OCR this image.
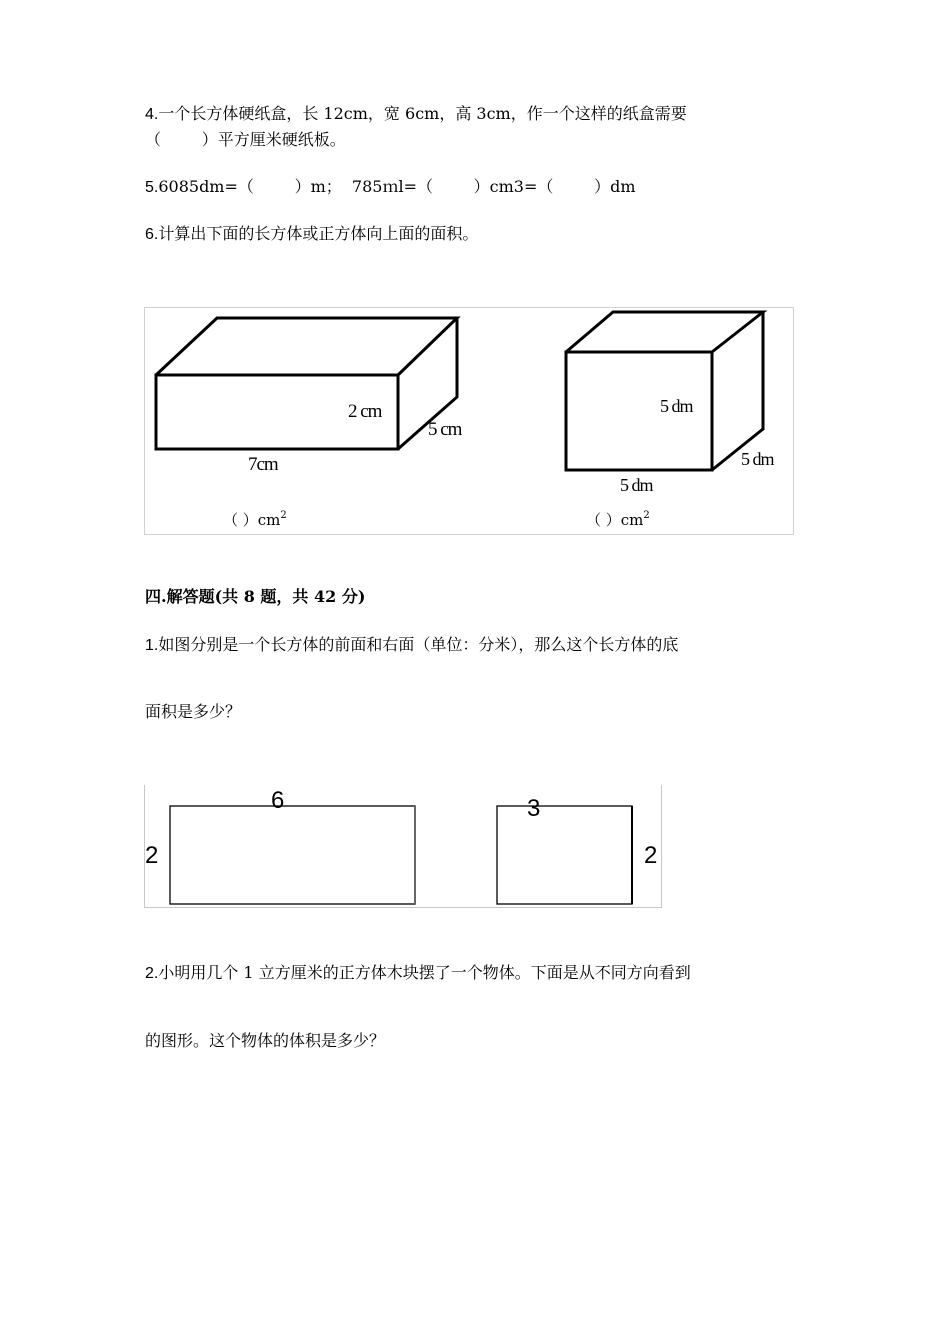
4.一个长方体硬纸盒，长 12cm，宽 6cm，高 3cm，作一个这样的纸盒需要
（        ）平方厘米硬纸板。
5.6085dm=（        ）m；  785ｍl=（        ）cm3=（        ）dm
6.计算出下面的长方体或正方体向上面的面积。
2 cm
5 cm
7cm
（ ）$cm^2$
5 dm
5 dm
5 dm
（ ）$cm^2$
四.解答题(共 8 题，共 42 分)
1.如图分别是一个长方体的前面和右面（单位：分米），那么这个长方体的底
面积是多少？
6
2
3
2
2.小明用几个 1 立方厘米的正方体木块摆了一个物体。下面是从不同方向看到
的图形。这个物体的体积是多少？
